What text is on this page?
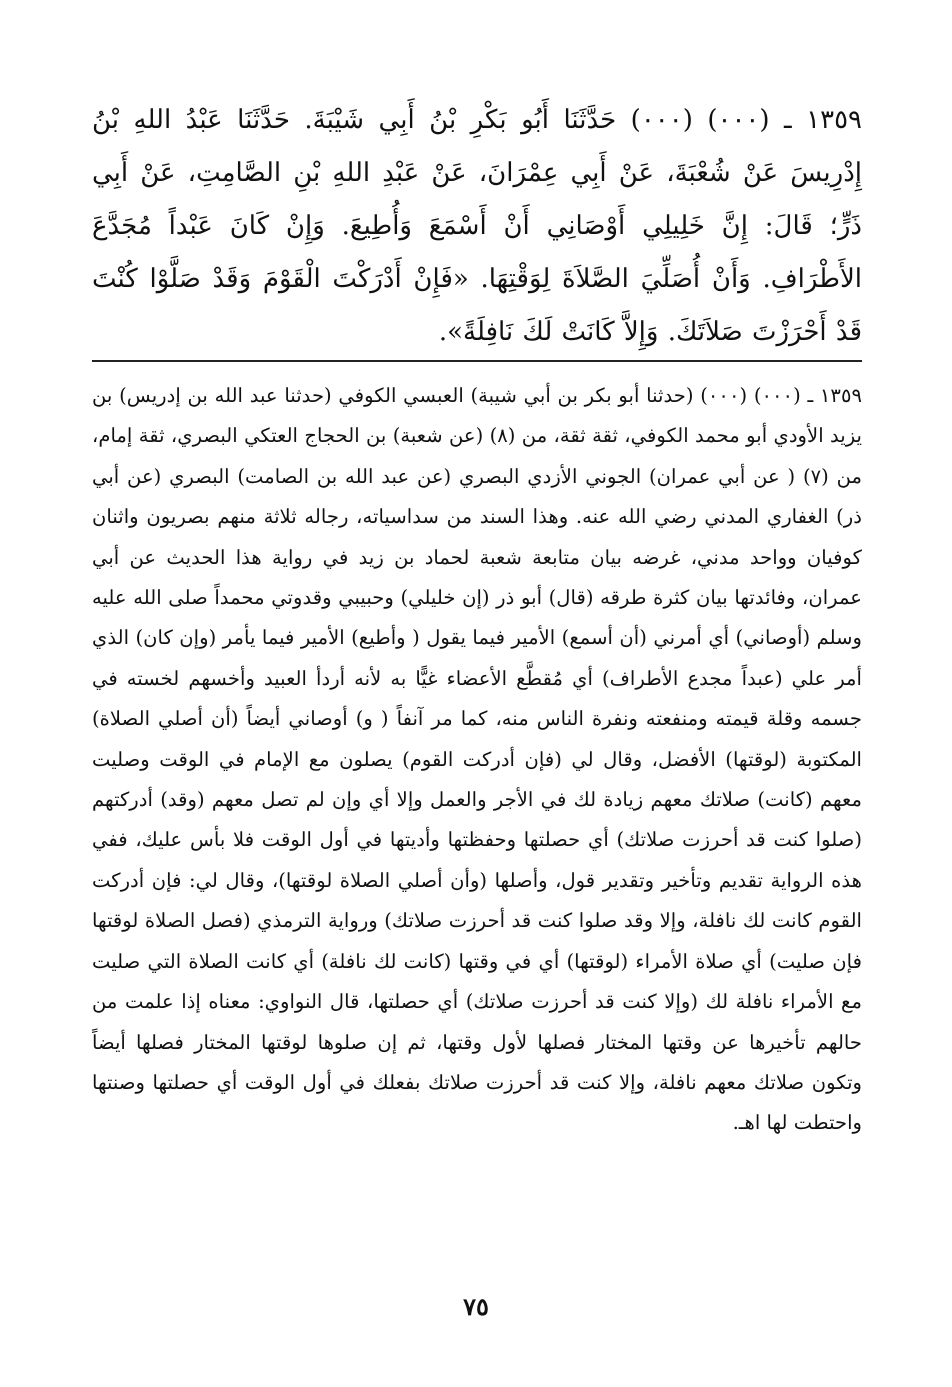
١٣٥٩ ـ (٠٠٠) (٠٠٠) حَدَّثَنَا أَبُو بَكْرِ بْنُ أَبِي شَيْبَةَ. حَدَّثَنَا عَبْدُ اللهِ بْنُ إِدْرِيسَ عَنْ شُعْبَةَ، عَنْ أَبِي عِمْرَانَ، عَنْ عَبْدِ اللهِ بْنِ الصَّامِتِ، عَنْ أَبِي ذَرٍّ؛ قَالَ: إِنَّ خَلِيلِي أَوْصَانِي أَنْ أَسْمَعَ وَأُطِيعَ. وَإِنْ كَانَ عَبْداً مُجَدَّعَ الأَطْرَافِ. وَأَنْ أُصَلِّيَ الصَّلاَةَ لِوَقْتِهَا. «فَإِنْ أَدْرَكْتَ الْقَوْمَ وَقَدْ صَلَّوْا كُنْتَ قَدْ أَحْرَزْتَ صَلاَتَكَ. وَإِلاَّ كَانَتْ لَكَ نَافِلَةً».

١٣٥٩ ـ (٠٠٠) (٠٠٠) (حدثنا أبو بكر بن أبي شيبة) العبسي الكوفي (حدثنا عبد الله بن إدريس) بن يزيد الأودي أبو محمد الكوفي، ثقة ثقة، من (٨) (عن شعبة) بن الحجاج العتكي البصري، ثقة إمام، من (٧) ( عن أبي عمران) الجوني الأزدي البصري (عن عبد الله بن الصامت) البصري (عن أبي ذر) الغفاري المدني رضي الله عنه. وهذا السند من سداسياته، رجاله ثلاثة منهم بصريون واثنان كوفيان وواحد مدني، غرضه بيان متابعة شعبة لحماد بن زيد في رواية هذا الحديث عن أبي عمران، وفائدتها بيان كثرة طرقه (قال) أبو ذر (إن خليلي) وحبيبي وقدوتي محمداً صلى الله عليه وسلم (أوصاني) أي أمرني (أن أسمع) الأمير فيما يقول ( وأطيع) الأمير فيما يأمر (وإن كان) الذي أمر علي (عبداً مجدع الأطراف) أي مُقطَّع الأعضاء غيًّا به لأنه أردأ العبيد وأخسهم لخسته في جسمه وقلة قيمته ومنفعته ونفرة الناس منه، كما مر آنفاً ( و) أوصاني أيضاً (أن أصلي الصلاة) المكتوبة (لوقتها) الأفضل، وقال لي (فإن أدركت القوم) يصلون مع الإمام في الوقت وصليت معهم (كانت) صلاتك معهم زيادة لك في الأجر والعمل وإلا أي وإن لم تصل معهم (وقد) أدركتهم (صلوا كنت قد أحرزت صلاتك) أي حصلتها وحفظتها وأديتها في أول الوقت فلا بأس عليك، ففي هذه الرواية تقديم وتأخير وتقدير قول، وأصلها (وأن أصلي الصلاة لوقتها)، وقال لي: فإن أدركت القوم كانت لك نافلة، وإلا وقد صلوا كنت قد أحرزت صلاتك) ورواية الترمذي (فصل الصلاة لوقتها فإن صليت) أي صلاة الأمراء (لوقتها) أي في وقتها (كانت لك نافلة) أي كانت الصلاة التي صليت مع الأمراء نافلة لك (وإلا كنت قد أحرزت صلاتك) أي حصلتها، قال النواوي: معناه إذا علمت من حالهم تأخيرها عن وقتها المختار فصلها لأول وقتها، ثم إن صلوها لوقتها المختار فصلها أيضاً وتكون صلاتك معهم نافلة، وإلا كنت قد أحرزت صلاتك بفعلك في أول الوقت أي حصلتها وصنتها واحتطت لها اهـ.

٧٥
